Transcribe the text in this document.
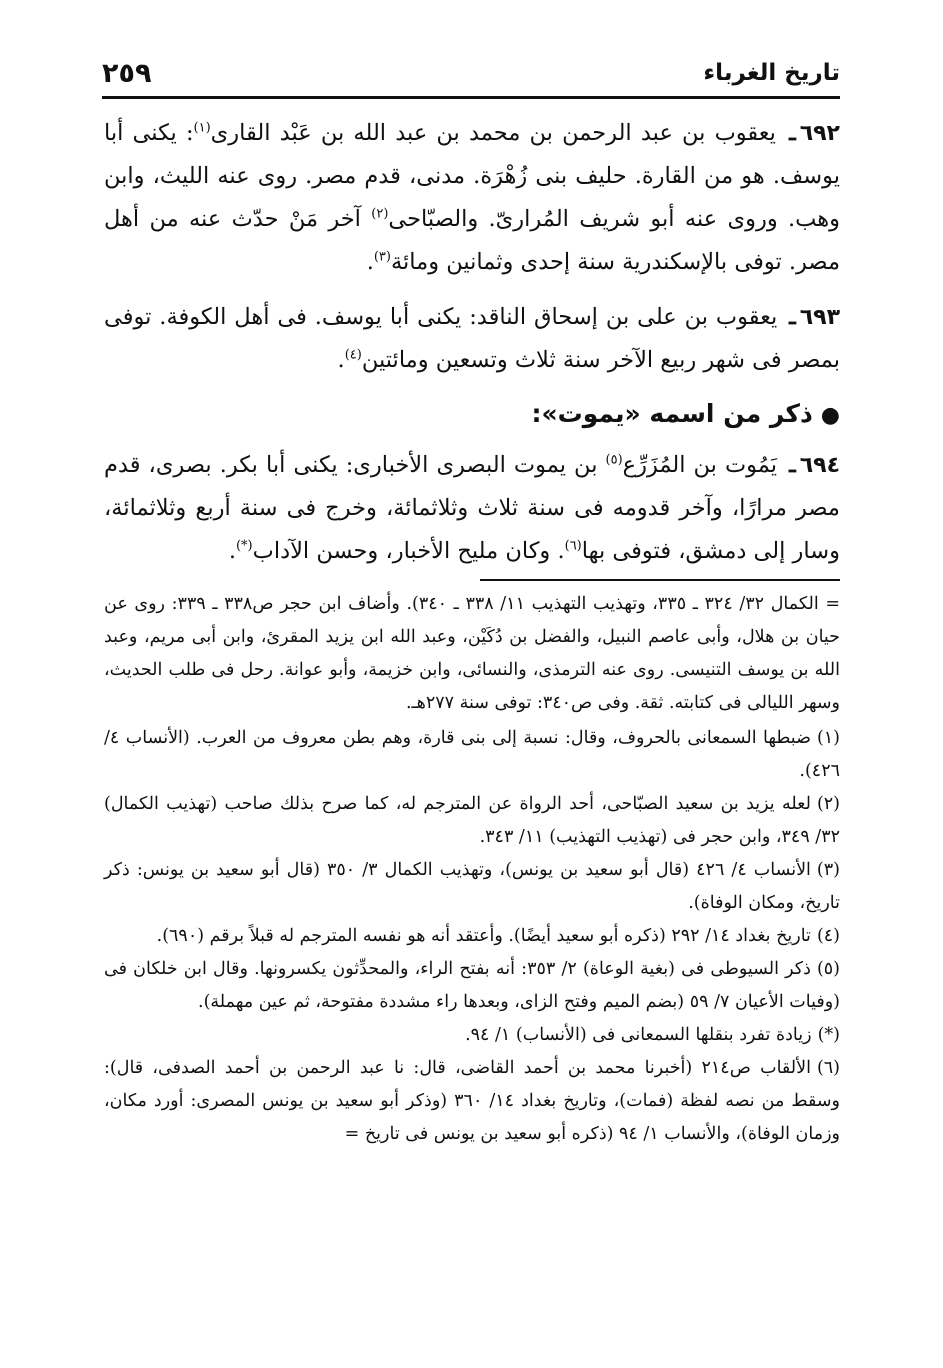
تاريخ الغرباء
٢٥٩

٦٩٢ـ يعقوب بن عبد الرحمن بن محمد بن عبد الله بن عَبْد القارى$^{(١)}$: يكنى أبا يوسف. هو من القارة. حليف بنى زُهْرَة. مدنى، قدم مصر. روى عنه الليث، وابن وهب. وروى عنه أبو شريف المُرارىّ. والصبّاحى$^{(٢)}$ آخر مَنْ حدّث عنه من أهل مصر. توفى بالإسكندرية سنة إحدى وثمانين ومائة$^{(٣)}$.

٦٩٣ـ يعقوب بن على بن إسحاق الناقد: يكنى أبا يوسف. فى أهل الكوفة. توفى بمصر فى شهر ربيع الآخر سنة ثلاث وتسعين ومائتين$^{(٤)}$.

●ذكر من اسمه «يموت»:

٦٩٤ـ يَمُوت بن المُزَرِّع$^{(٥)}$ بن يموت البصرى الأخبارى: يكنى أبا بكر. بصرى، قدم مصر مرارًا، وآخر قدومه فى سنة ثلاث وثلاثمائة، وخرج فى سنة أربع وثلاثمائة، وسار إلى دمشق، فتوفى بها$^{(٦)}$. وكان مليح الأخبار، وحسن الآداب(*).

= الكمال ٣٢/ ٣٢٤ ـ ٣٣٥، وتهذيب التهذيب ١١/ ٣٣٨ ـ ٣٤٠). وأضاف ابن حجر ص٣٣٨ ـ ٣٣٩: روى عن حيان بن هلال، وأبى عاصم النبيل، والفضل بن دُكَيْن، وعبد الله ابن يزيد المقرئ، وابن أبى مريم، وعبد الله بن يوسف التنيسى. روى عنه الترمذى، والنسائى، وابن خزيمة، وأبو عوانة. رحل فى طلب الحديث، وسهر الليالى فى كتابته. ثقة. وفى ص٣٤٠: توفى سنة ٢٧٧هـ.

(١)ضبطها السمعانى بالحروف، وقال: نسبة إلى بنى قارة، وهم بطن معروف من العرب. (الأنساب ٤/ ٤٢٦).

(٢)لعله يزيد بن سعيد الصبّاحى، أحد الرواة عن المترجم له، كما صرح بذلك صاحب (تهذيب الكمال) ٣٢/ ٣٤٩، وابن حجر فى (تهذيب التهذيب) ١١/ ٣٤٣.

(٣)الأنساب ٤/ ٤٢٦ (قال أبو سعيد بن يونس)، وتهذيب الكمال ٣/ ٣٥٠ (قال أبو سعيد بن يونس: ذكر تاريخ، ومكان الوفاة).

(٤)تاريخ بغداد ١٤/ ٢٩٢ (ذكره أبو سعيد أيضًا). وأعتقد أنه هو نفسه المترجم له قبلاً برقم (٦٩٠).

(٥)ذكر السيوطى فى (بغية الوعاة) ٢/ ٣٥٣: أنه بفتح الراء، والمحدِّثون يكسرونها. وقال ابن خلكان فى (وفيات الأعيان ٧/ ٥٩ (بضم الميم وفتح الزاى، وبعدها راء مشددة مفتوحة، ثم عين مهملة).

(*)زيادة تفرد بنقلها السمعانى فى (الأنساب) ١/ ٩٤.

(٦)الألقاب ص٢١٤ (أخبرنا محمد بن أحمد القاضى، قال: نا عبد الرحمن بن أحمد الصدفى، قال): وسقط من نصه لفظة (فمات)، وتاريخ بغداد ١٤/ ٣٦٠ (وذكر أبو سعيد بن يونس المصرى: أورد مكان، وزمان الوفاة)، والأنساب ١/ ٩٤ (ذكره أبو سعيد بن يونس فى تاريخ =
